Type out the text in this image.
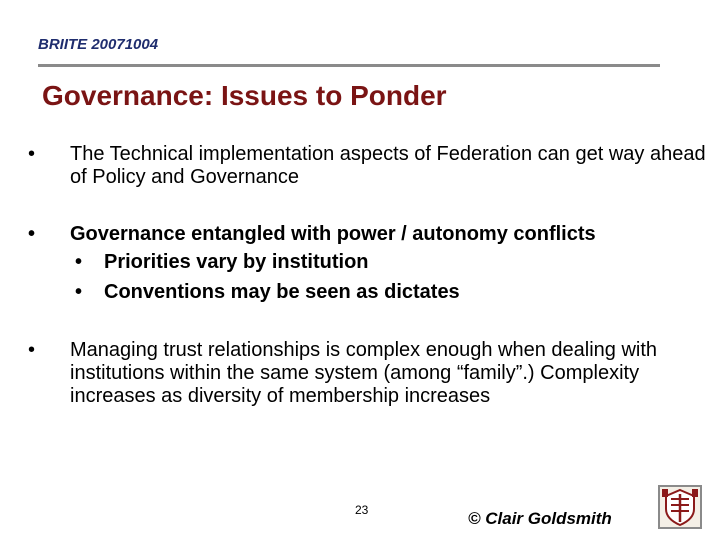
BRIITE 20071004
Governance: Issues to Ponder
• The Technical implementation aspects of Federation can get way ahead of Policy and Governance
• Governance entangled with power / autonomy conflicts
• Priorities vary by institution
• Conventions may be seen as dictates
• Managing trust relationships is complex enough when dealing with institutions within the same system (among “family”.) Complexity increases as diversity of membership increases
23	© Clair Goldsmith
